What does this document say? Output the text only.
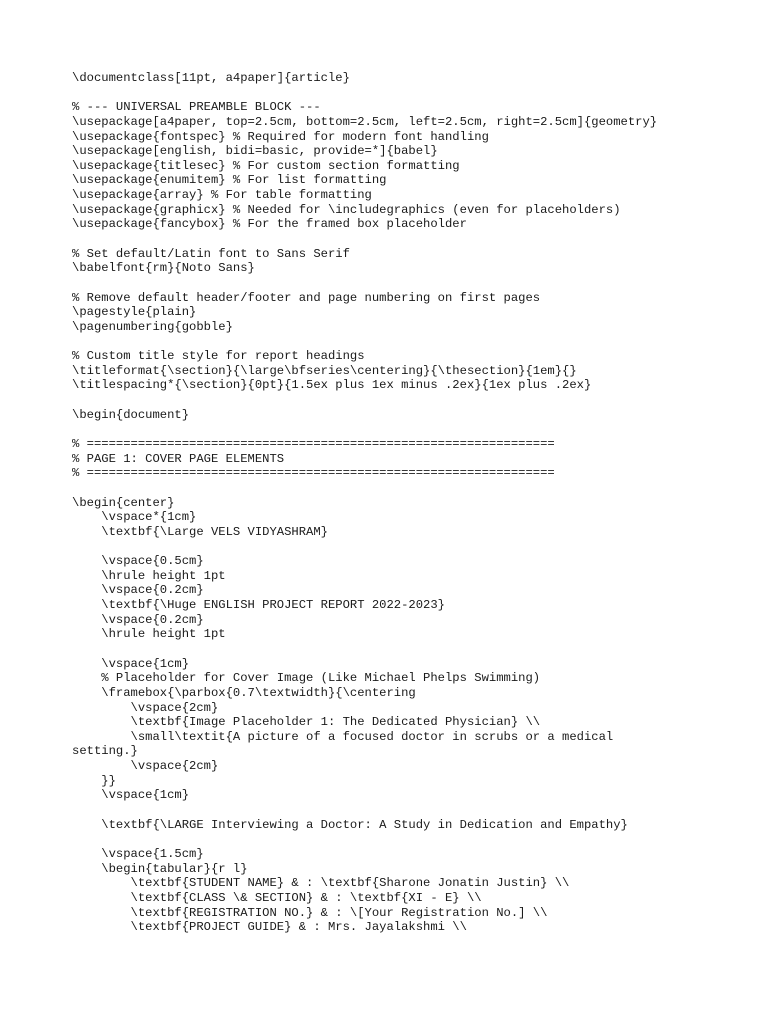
\documentclass[11pt, a4paper]{article}

% --- UNIVERSAL PREAMBLE BLOCK ---
\usepackage[a4paper, top=2.5cm, bottom=2.5cm, left=2.5cm, right=2.5cm]{geometry}
\usepackage{fontspec} % Required for modern font handling
\usepackage[english, bidi=basic, provide=*]{babel}
\usepackage{titlesec} % For custom section formatting
\usepackage{enumitem} % For list formatting
\usepackage{array} % For table formatting
\usepackage{graphicx} % Needed for \includegraphics (even for placeholders)
\usepackage{fancybox} % For the framed box placeholder

% Set default/Latin font to Sans Serif
\babelfont{rm}{Noto Sans}

% Remove default header/footer and page numbering on first pages
\pagestyle{plain}
\pagenumbering{gobble}

% Custom title style for report headings
\titleformat{\section}{\large\bfseries\centering}{\thesection}{1em}{}
\titlespacing*{\section}{0pt}{1.5ex plus 1ex minus .2ex}{1ex plus .2ex}

\begin{document}

% ================================================================
% PAGE 1: COVER PAGE ELEMENTS
% ================================================================

\begin{center}
\vspace*{1cm}
\textbf{\Large VELS VIDYASHRAM}

\vspace{0.5cm}
\hrule height 1pt
\vspace{0.2cm}
\textbf{\Huge ENGLISH PROJECT REPORT 2022-2023}
\vspace{0.2cm}
\hrule height 1pt

\vspace{1cm}
% Placeholder for Cover Image (Like Michael Phelps Swimming)
\framebox{\parbox{0.7\textwidth}{\centering
\vspace{2cm}
\textbf{Image Placeholder 1: The Dedicated Physician} \\
\small\textit{A picture of a focused doctor in scrubs or a medical
setting.}
\vspace{2cm}
}}
\vspace{1cm}

\textbf{\LARGE Interviewing a Doctor: A Study in Dedication and Empathy}

\vspace{1.5cm}
\begin{tabular}{r l}
\textbf{STUDENT NAME} & : \textbf{Sharone Jonatin Justin} \\
\textbf{CLASS \& SECTION} & : \textbf{XI - E} \\
\textbf{REGISTRATION NO.} & : \[Your Registration No.] \\
\textbf{PROJECT GUIDE} & : Mrs. Jayalakshmi \\
